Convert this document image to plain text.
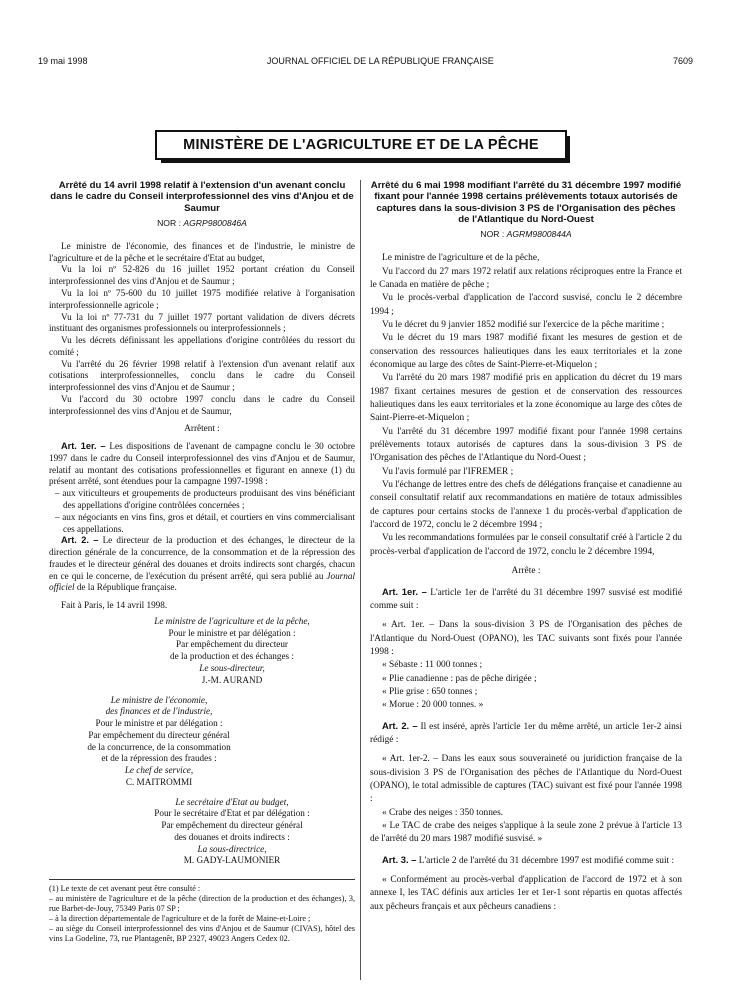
19 mai 1998	JOURNAL OFFICIEL DE LA RÉPUBLIQUE FRANÇAISE	7609
MINISTÈRE DE L'AGRICULTURE ET DE LA PÊCHE
Arrêté du 14 avril 1998 relatif à l'extension d'un avenant conclu dans le cadre du Conseil interprofessionnel des vins d'Anjou et de Saumur
NOR : AGRP9800846A

Le ministre de l'économie, des finances et de l'industrie, le ministre de l'agriculture et de la pêche et le secrétaire d'Etat au budget,

Vu la loi nº 52-826 du 16 juillet 1952 portant création du Conseil interprofessionnel des vins d'Anjou et de Saumur ;

Vu la loi nº 75-600 du 10 juillet 1975 modifiée relative à l'organisation interprofessionnelle agricole ;

Vu la loi nº 77-731 du 7 juillet 1977 portant validation de divers décrets instituant des organismes professionnels ou interprofessionnels ;

Vu les décrets définissant les appellations d'origine contrôlées du ressort du comité ;

Vu l'arrêté du 26 février 1998 relatif à l'extension d'un avenant relatif aux cotisations interprofessionnelles, conclu dans le cadre du Conseil interprofessionnel des vins d'Anjou et de Saumur ;

Vu l'accord du 30 octobre 1997 conclu dans le cadre du Conseil interprofessionnel des vins d'Anjou et de Saumur,

Arrêtent :

Art. 1er. – Les dispositions de l'avenant de campagne conclu le 30 octobre 1997 dans le cadre du Conseil interprofessionnel des vins d'Anjou et de Saumur, relatif au montant des cotisations professionnelles et figurant en annexe (1) du présent arrêté, sont étendues pour la campagne 1997-1998 :

– aux viticulteurs et groupements de producteurs produisant des vins bénéficiant des appellations d'origine contrôlées concernées ;
– aux négociants en vins fins, gros et détail, et courtiers en vins commercialisant ces appellations.

Art. 2. – Le directeur de la production et des échanges, le directeur de la direction générale de la concurrence, de la consommation et de la répression des fraudes et le directeur général des douanes et droits indirects sont chargés, chacun en ce qui le concerne, de l'exécution du présent arrêté, qui sera publié au Journal officiel de la République française.

Fait à Paris, le 14 avril 1998.

Le ministre de l'agriculture et de la pêche,
Pour le ministre et par délégation :
Par empêchement du directeur
de la production et des échanges :
Le sous-directeur,
J.-M. AURAND
Le ministre de l'économie,
des finances et de l'industrie,
Pour le ministre et par délégation :
Par empêchement du directeur général
de la concurrence, de la consommation
et de la répression des fraudes :
Le chef de service,
C. MAITROMMI
Le secrétaire d'Etat au budget,
Pour le secrétaire d'Etat et par délégation :
Par empêchement du directeur général
des douanes et droits indirects :
La sous-directrice,
M. GADY-LAUMONIER

(1) Le texte de cet avenant peut être consulté :

– au ministère de l'agriculture et de la pêche (direction de la production et des échanges), 3, rue Barbet-de-Jouy, 75349 Paris 07 SP ;

– à la direction départementale de l'agriculture et de la forêt de Maine-et-Loire ;

– au siège du Conseil interprofessionnel des vins d'Anjou et de Saumur (CIVAS), hôtel des vins La Godeline, 73, rue Plantagenêt, BP 2327, 49023 Angers Cedex 02.

Arrêté du 6 mai 1998 modifiant l'arrêté du 31 décembre 1997 modifié fixant pour l'année 1998 certains prélèvements totaux autorisés de captures dans la sous-division 3 PS de l'Organisation des pêches de l'Atlantique du Nord-Ouest
NOR : AGRM9800844A

Le ministre de l'agriculture et de la pêche,

Vu l'accord du 27 mars 1972 relatif aux relations réciproques entre la France et le Canada en matière de pêche ;

Vu le procès-verbal d'application de l'accord susvisé, conclu le 2 décembre 1994 ;

Vu le décret du 9 janvier 1852 modifié sur l'exercice de la pêche maritime ;

Vu le décret du 19 mars 1987 modifié fixant les mesures de gestion et de conservation des ressources halieutiques dans les eaux territoriales et la zone économique au large des côtes de Saint-Pierre-et-Miquelon ;

Vu l'arrêté du 20 mars 1987 modifié pris en application du décret du 19 mars 1987 fixant certaines mesures de gestion et de conservation des ressources halieutiques dans les eaux territoriales et la zone économique au large des côtes de Saint-Pierre-et-Miquelon ;

Vu l'arrêté du 31 décembre 1997 modifié fixant pour l'année 1998 certains prélèvements totaux autorisés de captures dans la sous-division 3 PS de l'Organisation des pêches de l'Atlantique du Nord-Ouest ;

Vu l'avis formulé par l'IFREMER ;

Vu l'échange de lettres entre des chefs de délégations française et canadienne au conseil consultatif relatif aux recommandations en matière de totaux admissibles de captures pour certains stocks de l'annexe 1 du procès-verbal d'application de l'accord de 1972, conclu le 2 décembre 1994 ;

Vu les recommandations formulées par le conseil consultatif créé à l'article 2 du procès-verbal d'application de l'accord de 1972, conclu le 2 décembre 1994,

Arrête :

Art. 1er. – L'article 1er de l'arrêté du 31 décembre 1997 susvisé est modifié comme suit :

« Art. 1er. – Dans la sous-division 3 PS de l'Organisation des pêches de l'Atlantique du Nord-Ouest (OPANO), les TAC suivants sont fixés pour l'année 1998 :

« Sébaste : 11 000 tonnes ;

« Plie canadienne : pas de pêche dirigée ;

« Plie grise : 650 tonnes ;

« Morue : 20 000 tonnes. »

Art. 2. – Il est inséré, après l'article 1er du même arrêté, un article 1er-2 ainsi rédigé :

« Art. 1er-2. – Dans les eaux sous souveraineté ou juridiction française de la sous-division 3 PS de l'Organisation des pêches de l'Atlantique du Nord-Ouest (OPANO), le total admissible de captures (TAC) suivant est fixé pour l'année 1998 :

« Crabe des neiges : 350 tonnes.

« Le TAC de crabe des neiges s'applique à la seule zone 2 prévue à l'article 13 de l'arrêté du 20 mars 1987 modifié susvisé. »

Art. 3. – L'article 2 de l'arrêté du 31 décembre 1997 est modifié comme suit :

« Conformément au procès-verbal d'application de l'accord de 1972 et à son annexe I, les TAC définis aux articles 1er et 1er-1 sont répartis en quotas affectés aux pêcheurs français et aux pêcheurs canadiens :
